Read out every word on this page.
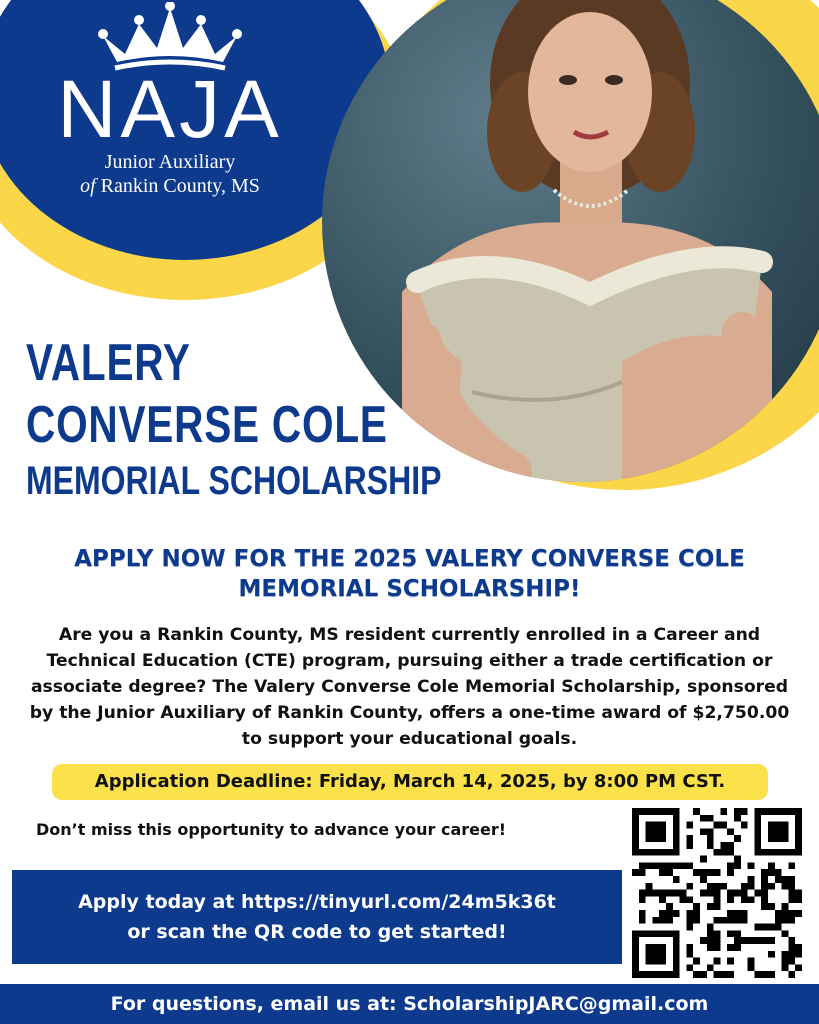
NAJA
Junior Auxiliary
of Rankin County, MS
VALERY
CONVERSE COLE
MEMORIAL SCHOLARSHIP
APPLY NOW FOR THE 2025 VALERY CONVERSE COLE MEMORIAL SCHOLARSHIP!
Are you a Rankin County, MS resident currently enrolled in a Career and Technical Education (CTE) program, pursuing either a trade certification or associate degree? The Valery Converse Cole Memorial Scholarship, sponsored by the Junior Auxiliary of Rankin County, offers a one-time award of $2,750.00 to support your educational goals.
Application Deadline: Friday, March 14, 2025, by 8:00 PM CST.
Don’t miss this opportunity to advance your career!
Apply today at https://tinyurl.com/24m5k36t
or scan the QR code to get started!
For questions, email us at: ScholarshipJARC@gmail.com
